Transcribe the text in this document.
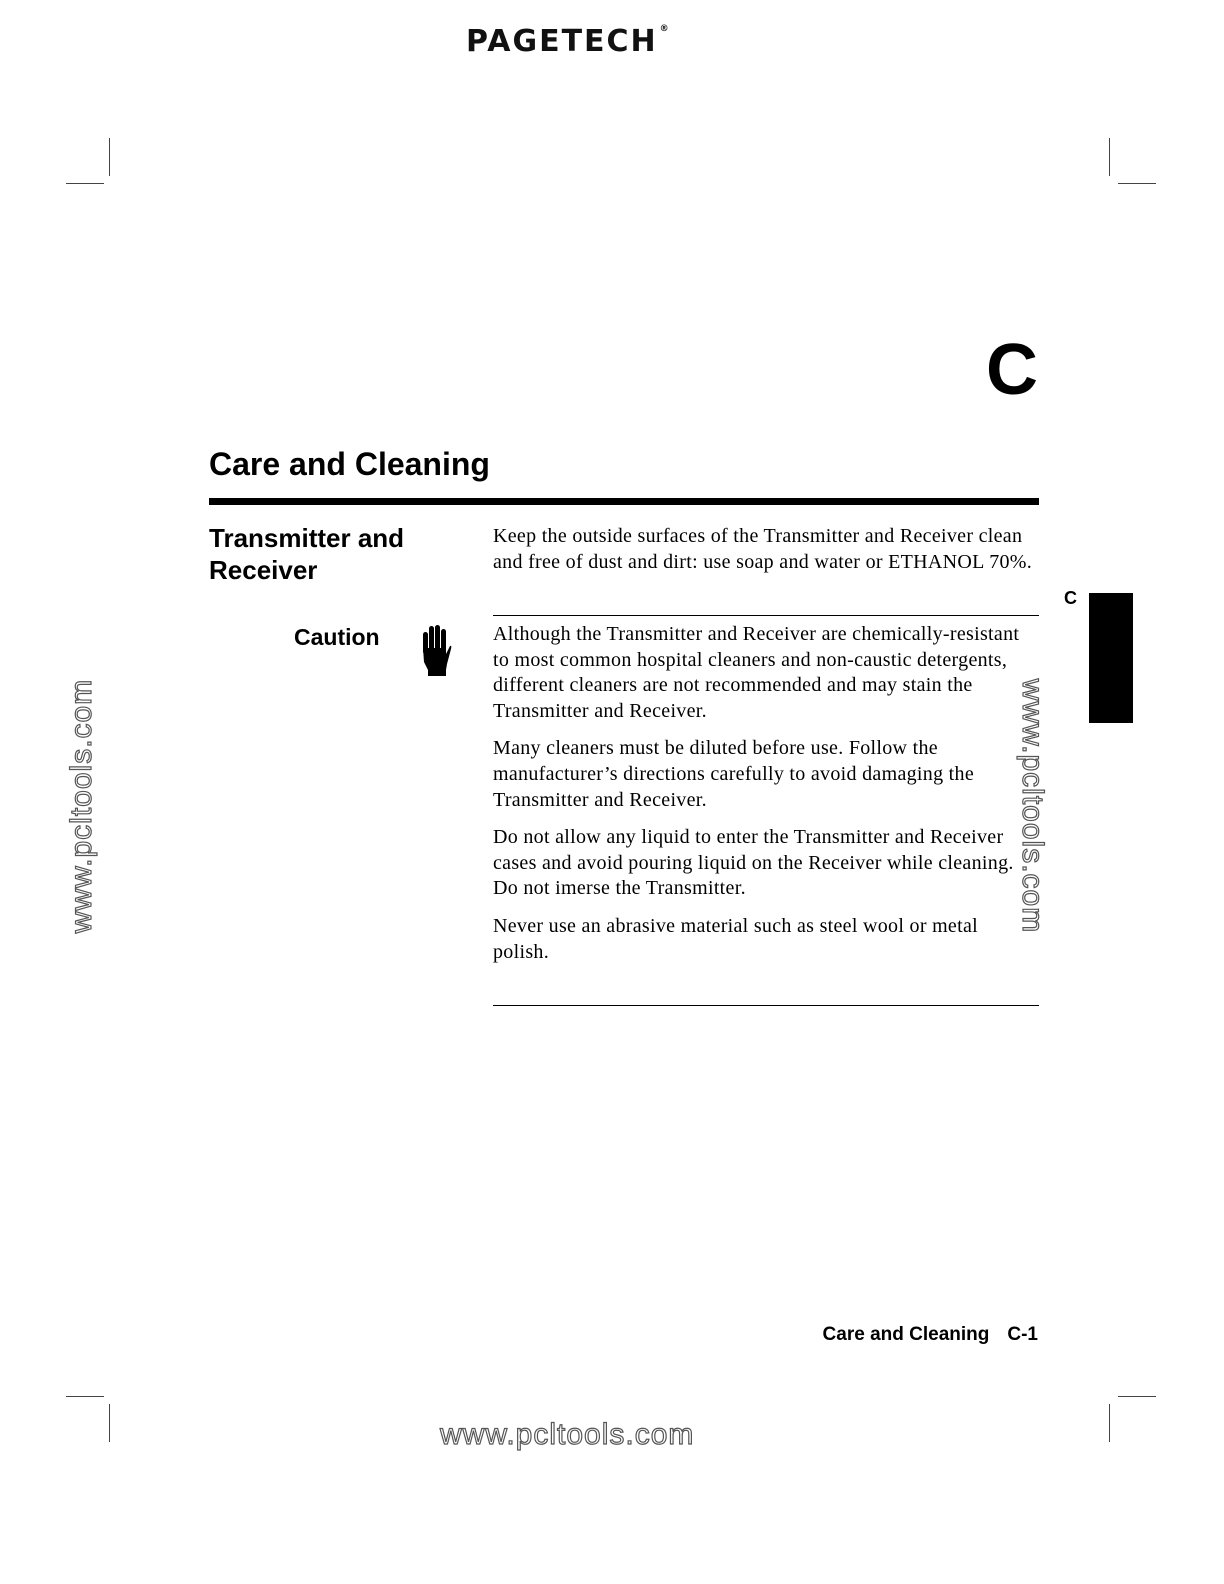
PAGETECH ®
C
Care and Cleaning
Transmitter and Receiver
Keep the outside surfaces of the Transmitter and Receiver clean and free of dust and dirt: use soap and water or ETHANOL 70%.
Caution	Although the Transmitter and Receiver are chemically-resistant to most common hospital cleaners and non-caustic detergents, different cleaners are not recommended and may stain the Transmitter and Receiver.

Many cleaners must be diluted before use. Follow the manufacturer’s directions carefully to avoid damaging the Transmitter and Receiver.

Do not allow any liquid to enter the Transmitter and Receiver cases and avoid pouring liquid on the Receiver while cleaning. Do not imerse the Transmitter.

Never use an abrasive material such as steel wool or metal polish.

C
www.pcltools.com	www.pcltools.com
www.pcltools.com
Care and Cleaning C-1
